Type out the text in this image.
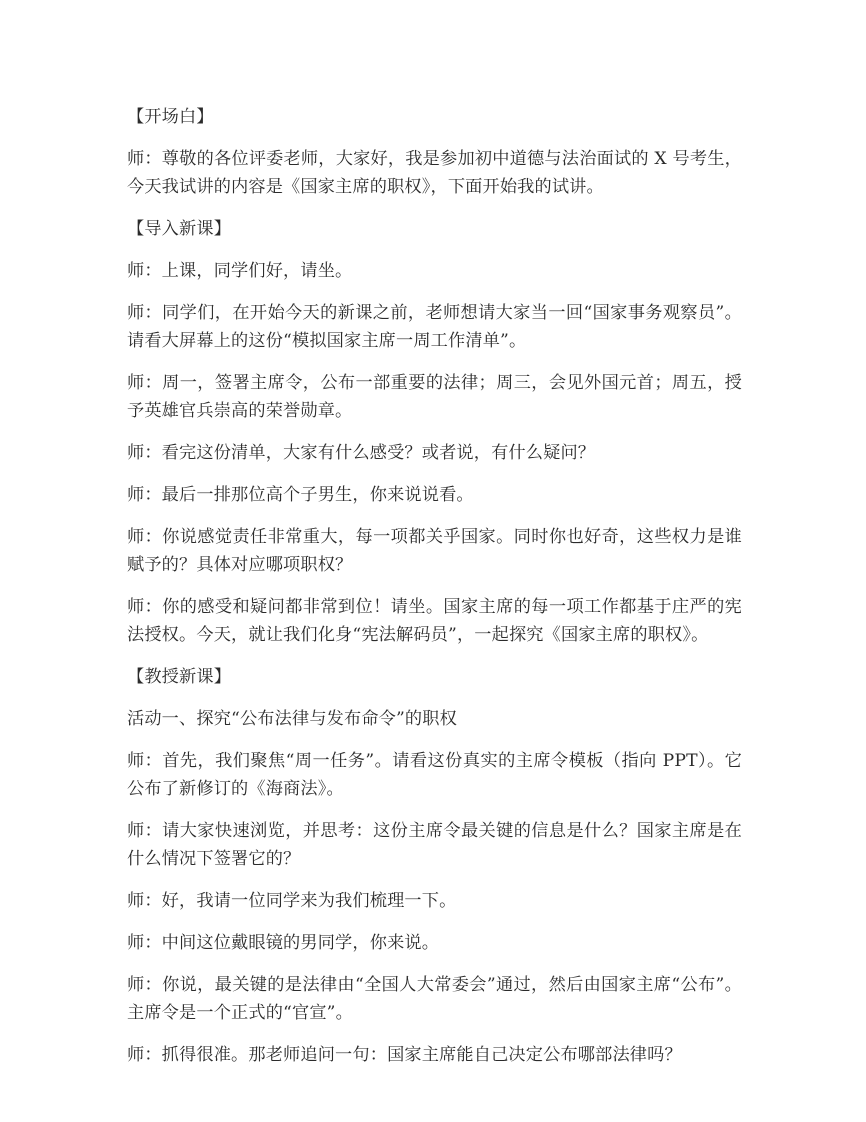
【开场白】

师：尊敬的各位评委老师，大家好，我是参加初中道德与法治面试的 X 号考生，今天我试讲的内容是《国家主席的职权》，下面开始我的试讲。

【导入新课】

师：上课，同学们好，请坐。

师：同学们，在开始今天的新课之前，老师想请大家当一回“国家事务观察员”。请看大屏幕上的这份“模拟国家主席一周工作清单”。

师：周一，签署主席令，公布一部重要的法律；周三，会见外国元首；周五，授予英雄官兵崇高的荣誉勋章。

师：看完这份清单，大家有什么感受？或者说，有什么疑问？

师：最后一排那位高个子男生，你来说说看。

师：你说感觉责任非常重大，每一项都关乎国家。同时你也好奇，这些权力是谁赋予的？具体对应哪项职权？

师：你的感受和疑问都非常到位！请坐。国家主席的每一项工作都基于庄严的宪法授权。今天，就让我们化身“宪法解码员”，一起探究《国家主席的职权》。

【教授新课】

活动一、探究“公布法律与发布命令”的职权

师：首先，我们聚焦“周一任务”。请看这份真实的主席令模板（指向 PPT）。它公布了新修订的《海商法》。

师：请大家快速浏览，并思考：这份主席令最关键的信息是什么？国家主席是在什么情况下签署它的？

师：好，我请一位同学来为我们梳理一下。

师：中间这位戴眼镜的男同学，你来说。

师：你说，最关键的是法律由“全国人大常委会”通过，然后由国家主席“公布”。主席令是一个正式的“官宣”。

师：抓得很准。那老师追问一句：国家主席能自己决定公布哪部法律吗？
